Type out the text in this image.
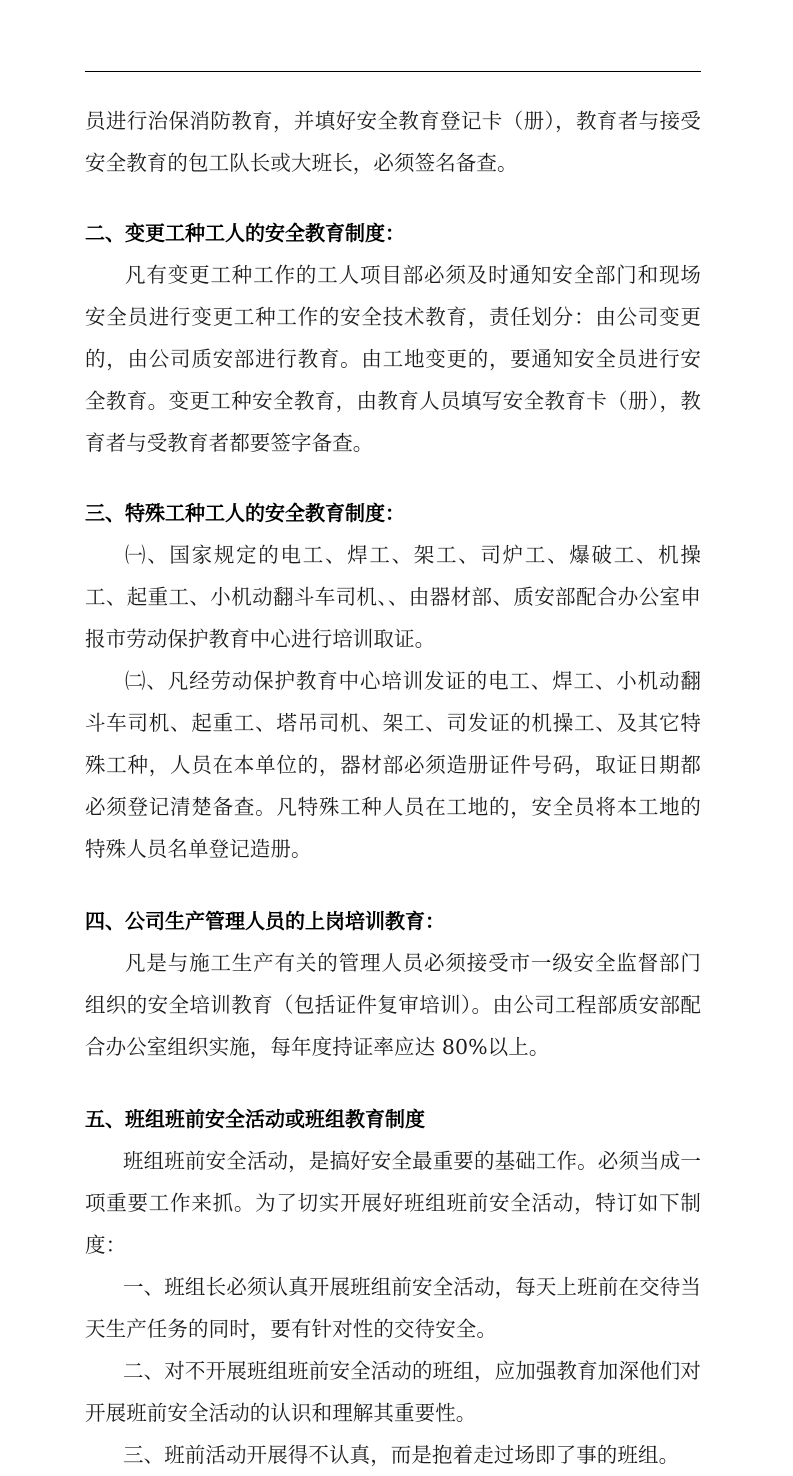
员进行治保消防教育，并填好安全教育登记卡（册），教育者与接受安全教育的包工队长或大班长，必须签名备查。

二、变更工种工人的安全教育制度：

凡有变更工种工作的工人项目部必须及时通知安全部门和现场安全员进行变更工种工作的安全技术教育，责任划分：由公司变更的，由公司质安部进行教育。由工地变更的，要通知安全员进行安全教育。变更工种安全教育，由教育人员填写安全教育卡（册），教育者与受教育者都要签字备查。

三、特殊工种工人的安全教育制度：

㈠、国家规定的电工、焊工、架工、司炉工、爆破工、机操工、起重工、小机动翻斗车司机、、由器材部、质安部配合办公室申报市劳动保护教育中心进行培训取证。

㈡、凡经劳动保护教育中心培训发证的电工、焊工、小机动翻斗车司机、起重工、塔吊司机、架工、司发证的机操工、及其它特殊工种，人员在本单位的，器材部必须造册证件号码，取证日期都必须登记清楚备查。凡特殊工种人员在工地的，安全员将本工地的特殊人员名单登记造册。

四、公司生产管理人员的上岗培训教育：

凡是与施工生产有关的管理人员必须接受市一级安全监督部门组织的安全培训教育（包括证件复审培训）。由公司工程部质安部配合办公室组织实施，每年度持证率应达 80%以上。

五、班组班前安全活动或班组教育制度

班组班前安全活动，是搞好安全最重要的基础工作。必须当成一项重要工作来抓。为了切实开展好班组班前安全活动，特订如下制度：

一、班组长必须认真开展班组前安全活动，每天上班前在交待当天生产任务的同时，要有针对性的交待安全。

二、对不开展班组班前安全活动的班组，应加强教育加深他们对开展班前安全活动的认识和理解其重要性。

三、班前活动开展得不认真，而是抱着走过场即了事的班组。
